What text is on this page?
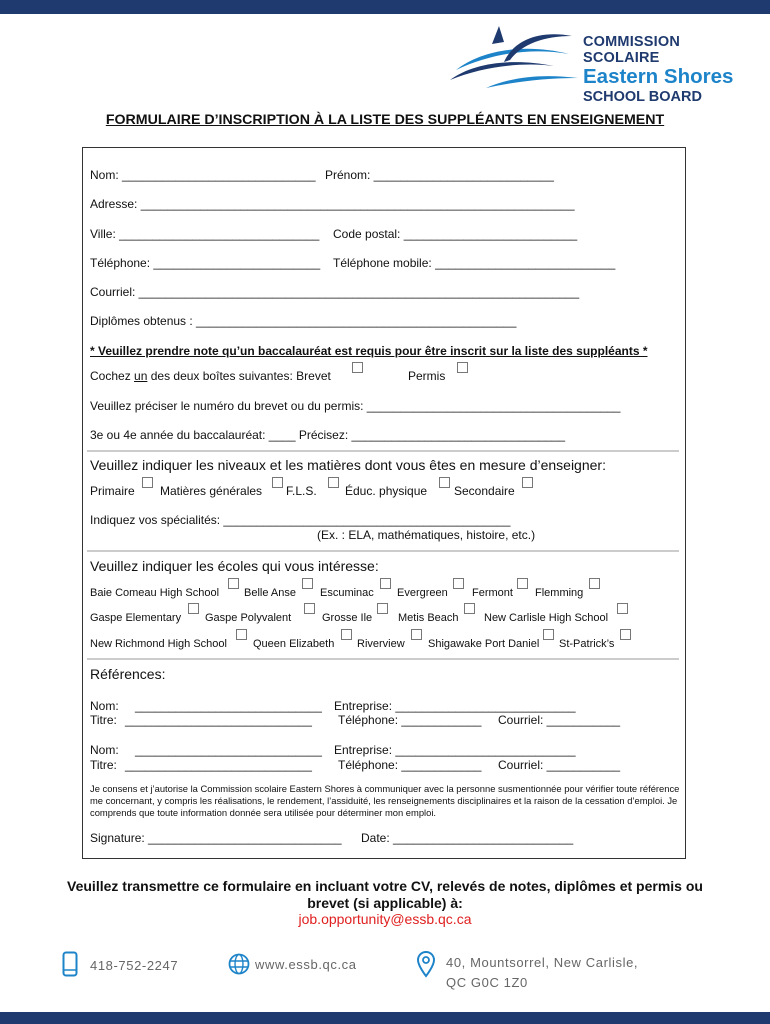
COMMISSION SCOLAIRE
Eastern Shores
SCHOOL BOARD
FORMULAIRE D’INSCRIPTION À LA LISTE DES SUPPLÉANTS EN ENSEIGNEMENT
Nom: _____________________________ Prénom: ___________________________
Adresse: _________________________________________________________________
Ville: ______________________________ Code postal: __________________________
Téléphone: _________________________ Téléphone mobile: ___________________________
Courriel: __________________________________________________________________
Diplômes obtenus : ________________________________________________
* Veuillez prendre note qu’un baccalauréat est requis pour être inscrit sur la liste des suppléants *
Cochez un des deux boîtes suivantes: Brevet	Permis
Veuillez préciser le numéro du brevet ou du permis: ______________________________________
3e ou 4e année du baccalauréat: ____ Précisez: ________________________________
Veuillez indiquer les niveaux et les matières dont vous êtes en mesure d’enseigner:
Primaire Matières générales F.L.S. Éduc. physique Secondaire
Indiquez vos spécialités: ___________________________________________
(Ex. : ELA, mathématiques, histoire, etc.)
Veuillez indiquer les écoles qui vous intéresse:
Baie Comeau High School Belle Anse Escuminac Evergreen Fermont Flemming
Gaspe Elementary Gaspe Polyvalent	Grosse Ile Metis Beach New Carlisle High School
New Richmond High School Queen Elizabeth Riverview Shigawake Port Daniel St-Patrick’s
Références:
Nom: ____________________________ Entreprise: ___________________________
Titre: ____________________________ Téléphone: ____________ Courriel: ___________
Nom: ____________________________ Entreprise: ___________________________
Titre: ____________________________ Téléphone: ____________ Courriel: ___________
Je consens et j’autorise la Commission scolaire Eastern Shores à communiquer avec la personne susmentionnée pour vérifier toute référence me concernant, y compris les réalisations, le rendement, l’assiduité, les renseignements disciplinaires et la raison de la cessation d’emploi. Je comprends que toute information donnée sera utilisée pour déterminer mon emploi.
Signature: _____________________________ Date: ___________________________
Veuillez transmettre ce formulaire en incluant votre CV, relevés de notes, diplômes et permis ou
brevet (si applicable) à:
job.opportunity@essb.qc.ca
418-752-2247	www.essb.qc.ca	40, Mountsorrel, New Carlisle,
QC G0C 1Z0
